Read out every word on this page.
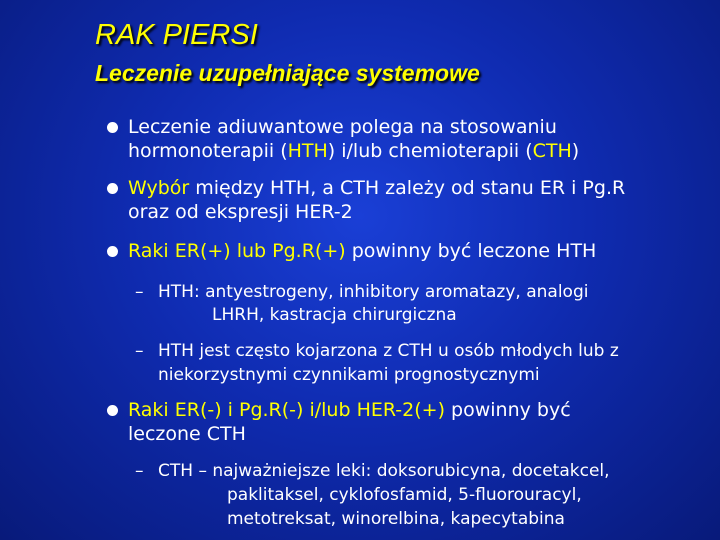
RAK PIERSI
Leczenie uzupełniające systemowe
Leczenie adiuwantowe polega na stosowaniu
hormonoterapii (HTH) i/lub chemioterapii (CTH)
Wybór między HTH, a CTH zależy od stanu ER i Pg.R
oraz od ekspresji HER-2
Raki ER(+) lub Pg.R(+) powinny być leczone HTH
– HTH: antyestrogeny, inhibitory aromatazy, analogi
LHRH, kastracja chirurgiczna
– HTH jest często kojarzona z CTH u osób młodych lub z
niekorzystnymi czynnikami prognostycznymi
Raki ER(-) i Pg.R(-) i/lub HER-2(+) powinny być
leczone CTH
– CTH – najważniejsze leki: doksorubicyna, docetakcel,
paklitaksel, cyklofosfamid, 5-fluorouracyl,
metotreksat, winorelbina, kapecytabina
